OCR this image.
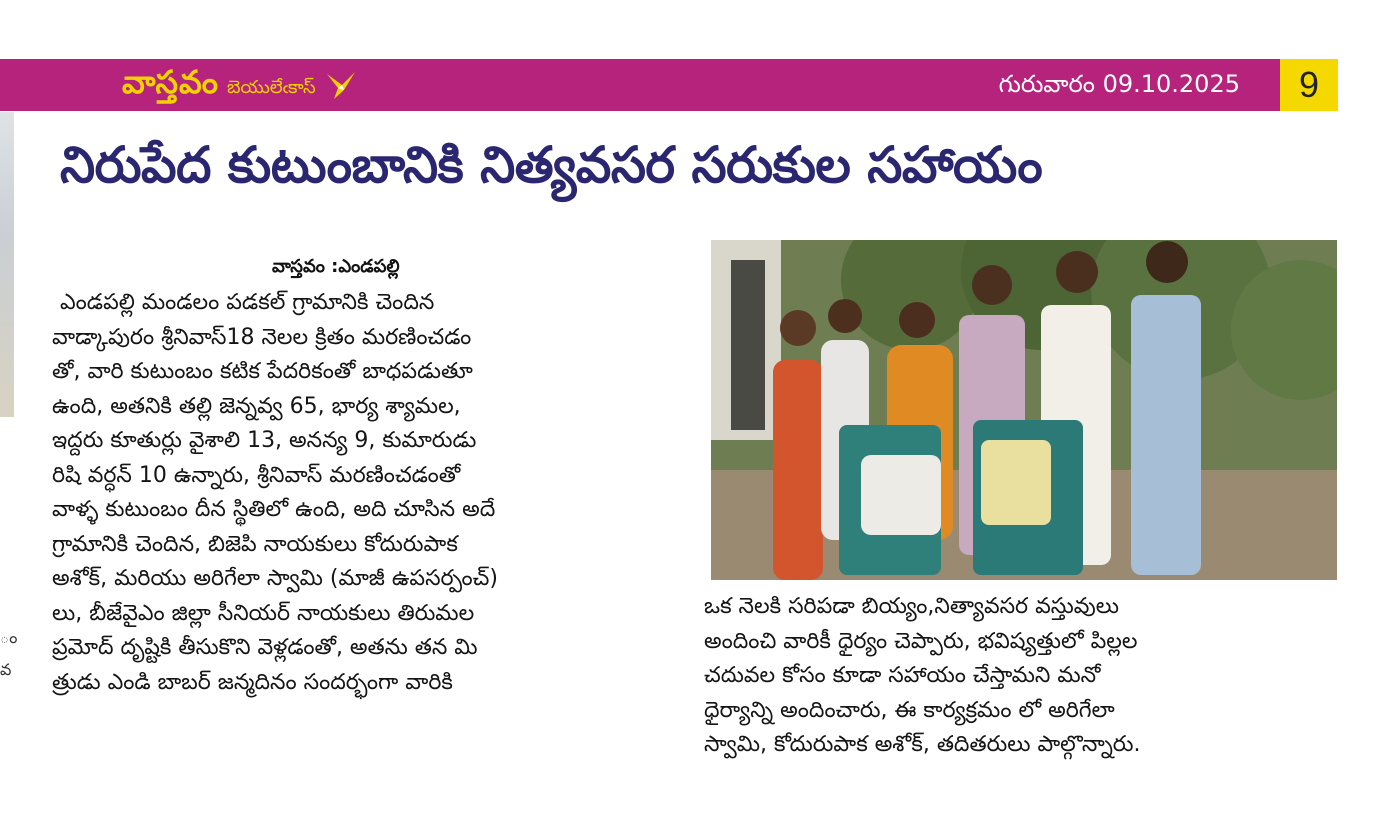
ం
వ
వాస్తవం బెయులేఁకాస్	గురువారం 09.10.2025	9
నిరుపేద కుటుంబానికి నిత్యవసర సరుకుల సహాయం
వాస్తవం :ఎండపల్లి

ఎండపల్లి మండలం పడకల్ గ్రామానికి చెందిన

వాడ్కాపురం శ్రీనివాస్18 నెలల క్రితం మరణించడం

తో, వారి కుటుంబం కటిక పేదరికంతో బాధపడుతూ

ఉంది, అతనికి తల్లి జెన్నవ్వ 65, భార్య శ్యామల,

ఇద్దరు కూతుర్లు వైశాలి 13, అనన్య 9, కుమారుడు

రిషి వర్ధన్ 10 ఉన్నారు, శ్రీనివాస్ మరణించడంతో

వాళ్ళ కుటుంబం దీన స్థితిలో ఉంది, అది చూసిన అదే

గ్రామానికి చెందిన, బిజెపి నాయకులు కోదురుపాక

అశోక్, మరియు అరిగేలా స్వామి (మాజీ ఉపసర్పంచ్)

లు, బీజేవైఎం జిల్లా సీనియర్ నాయకులు తిరుమల

ప్రమోద్ దృష్టికి తీసుకొని వెళ్లడంతో, అతను తన మి

త్రుడు ఎండి బాబర్ జన్మదినం సందర్భంగా వారికి

ఒక నెలకి సరిపడా బియ్యం,నిత్యావసర వస్తువులు

అందించి వారికీ ధైర్యం చెప్పారు, భవిష్యత్తులో పిల్లల

చదువల కోసం కూడా సహాయం చేస్తామని మనో

ధైర్యాన్ని అందించారు, ఈ కార్యక్రమం లో అరిగేలా

స్వామి, కోదురుపాక అశోక్, తదితరులు పాల్గొన్నారు.
